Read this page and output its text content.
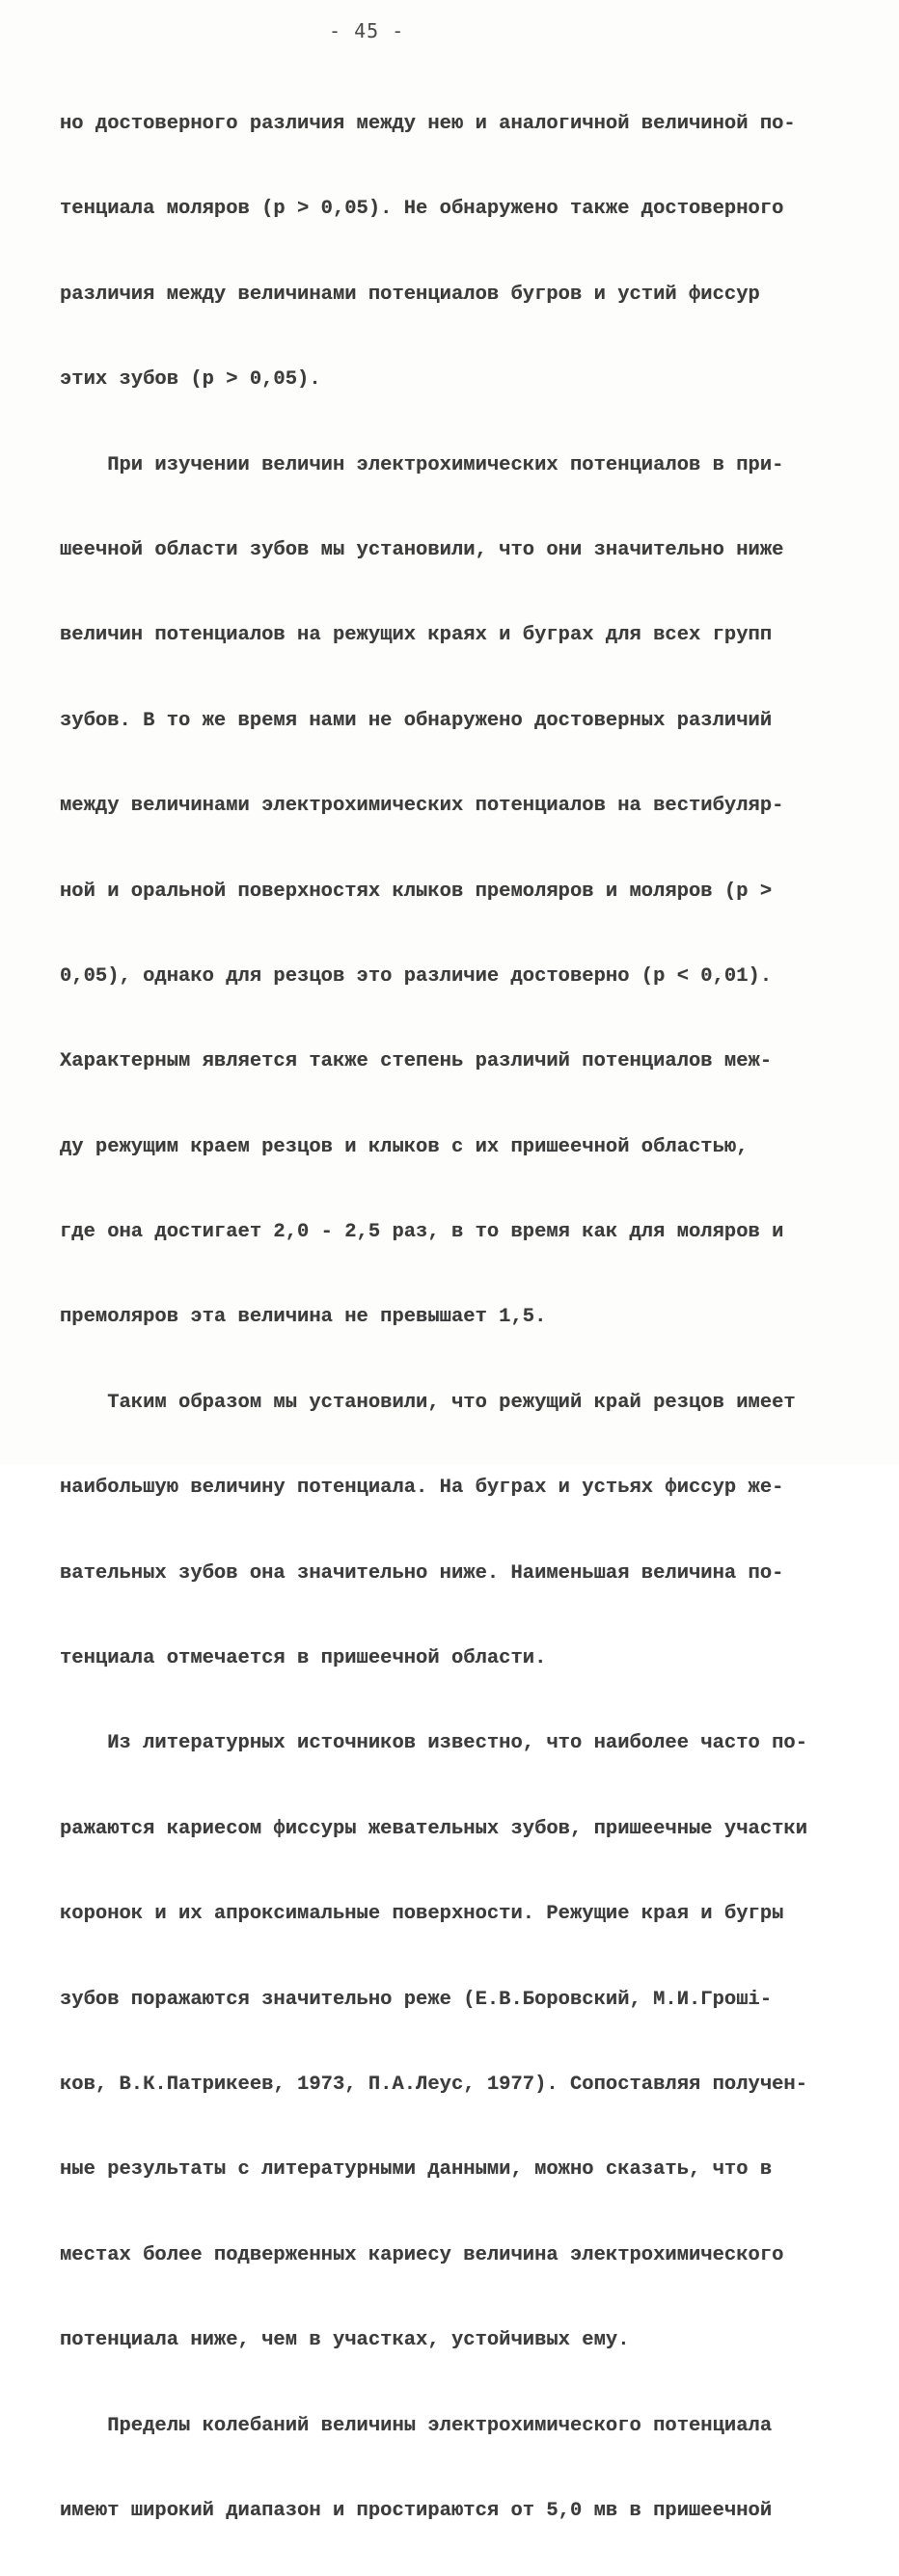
- 45 -

но достоверного различия между нею и аналогичной величиной по-

тенциала моляров (р > 0,05). Не обнаружено также достоверного

различия между величинами потенциалов бугров и устий фиссур

этих зубов (р > 0,05).

При изучении величин электрохимических потенциалов в при-

шеечной области зубов мы установили, что они значительно ниже

величин потенциалов на режущих краях и буграх для всех групп

зубов. В то же время нами не обнаружено достоверных различий

между величинами электрохимических потенциалов на вестибуляр-

ной и оральной поверхностях клыков премоляров и моляров (р >

0,05), однако для резцов это различие достоверно (р < 0,01).

Характерным является также степень различий потенциалов меж-

ду режущим краем резцов и клыков с их пришеечной областью,

где она достигает 2,0 - 2,5 раз, в то время как для моляров и

премоляров эта величина не превышает 1,5.

Таким образом мы установили, что режущий край резцов имеет

наибольшую величину потенциала. На буграх и устьях фиссур же-

вательных зубов она значительно ниже. Наименьшая величина по-

тенциала отмечается в пришеечной области.

Из литературных источников известно, что наиболее часто по-

ражаются кариесом фиссуры жевательных зубов, пришеечные участки

коронок и их апроксимальные поверхности. Режущие края и бугры

зубов поражаются значительно реже (Е.В.Боровский, М.И.Грошi-

ков, В.К.Патрикеев, 1973, П.А.Леус, 1977). Сопоставляя получен-

ные результаты с литературными данными, можно сказать, что в

местах более подверженных кариесу величина электрохимического

потенциала ниже, чем в участках, устойчивых ему.

Пределы колебаний величины электрохимического потенциала

имеют широкий диапазон и простираются от 5,0 мв в пришеечной
